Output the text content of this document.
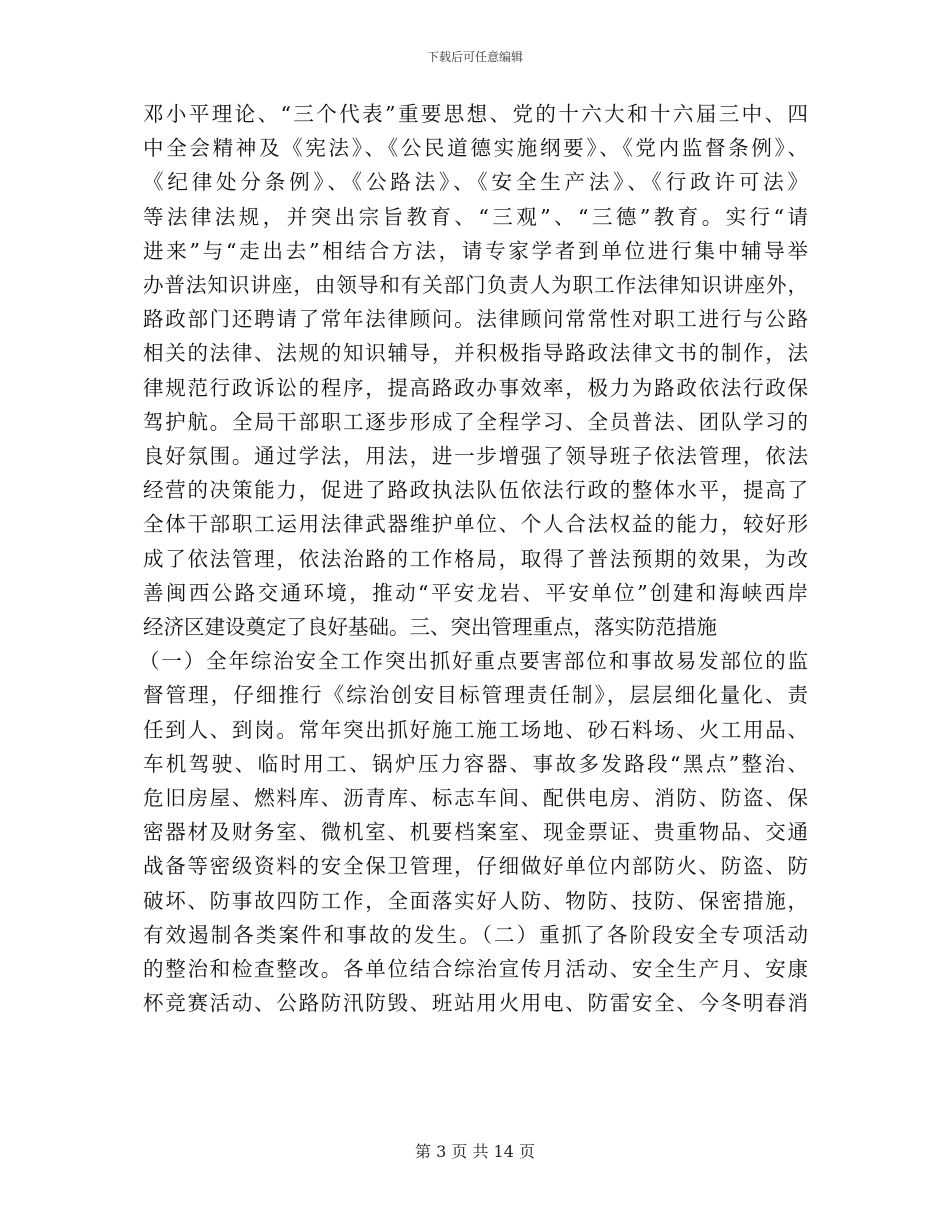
下载后可任意编辑
邓小平理论、“三个代表”重要思想、党的十六大和十六届三中、四
中全会精神及《宪法》、《公民道德实施纲要》、《党内监督条例》、
《纪律处分条例》、《公路法》、《安全生产法》、《行政许可法》
等法律法规，并突出宗旨教育、“三观”、“三德”教育。实行“请
进来”与“走出去”相结合方法，请专家学者到单位进行集中辅导举
办普法知识讲座，由领导和有关部门负责人为职工作法律知识讲座外，
路政部门还聘请了常年法律顾问。法律顾问常常性对职工进行与公路
相关的法律、法规的知识辅导，并积极指导路政法律文书的制作，法
律规范行政诉讼的程序，提高路政办事效率，极力为路政依法行政保
驾护航。全局干部职工逐步形成了全程学习、全员普法、团队学习的
良好氛围。通过学法，用法，进一步增强了领导班子依法管理，依法
经营的决策能力，促进了路政执法队伍依法行政的整体水平，提高了
全体干部职工运用法律武器维护单位、个人合法权益的能力，较好形
成了依法管理，依法治路的工作格局，取得了普法预期的效果，为改
善闽西公路交通环境，推动“平安龙岩、平安单位”创建和海峡西岸
经济区建设奠定了良好基础。三、突出管理重点，落实防范措施
（一）全年综治安全工作突出抓好重点要害部位和事故易发部位的监
督管理，仔细推行《综治创安目标管理责任制》，层层细化量化、责
任到人、到岗。常年突出抓好施工施工场地、砂石料场、火工用品、
车机驾驶、临时用工、锅炉压力容器、事故多发路段“黑点”整治、
危旧房屋、燃料库、沥青库、标志车间、配供电房、消防、防盗、保
密器材及财务室、微机室、机要档案室、现金票证、贵重物品、交通
战备等密级资料的安全保卫管理，仔细做好单位内部防火、防盗、防
破坏、防事故四防工作，全面落实好人防、物防、技防、保密措施，
有效遏制各类案件和事故的发生。（二）重抓了各阶段安全专项活动
的整治和检查整改。各单位结合综治宣传月活动、安全生产月、安康
杯竞赛活动、公路防汛防毁、班站用火用电、防雷安全、今冬明春消
第 3 页 共 14 页
